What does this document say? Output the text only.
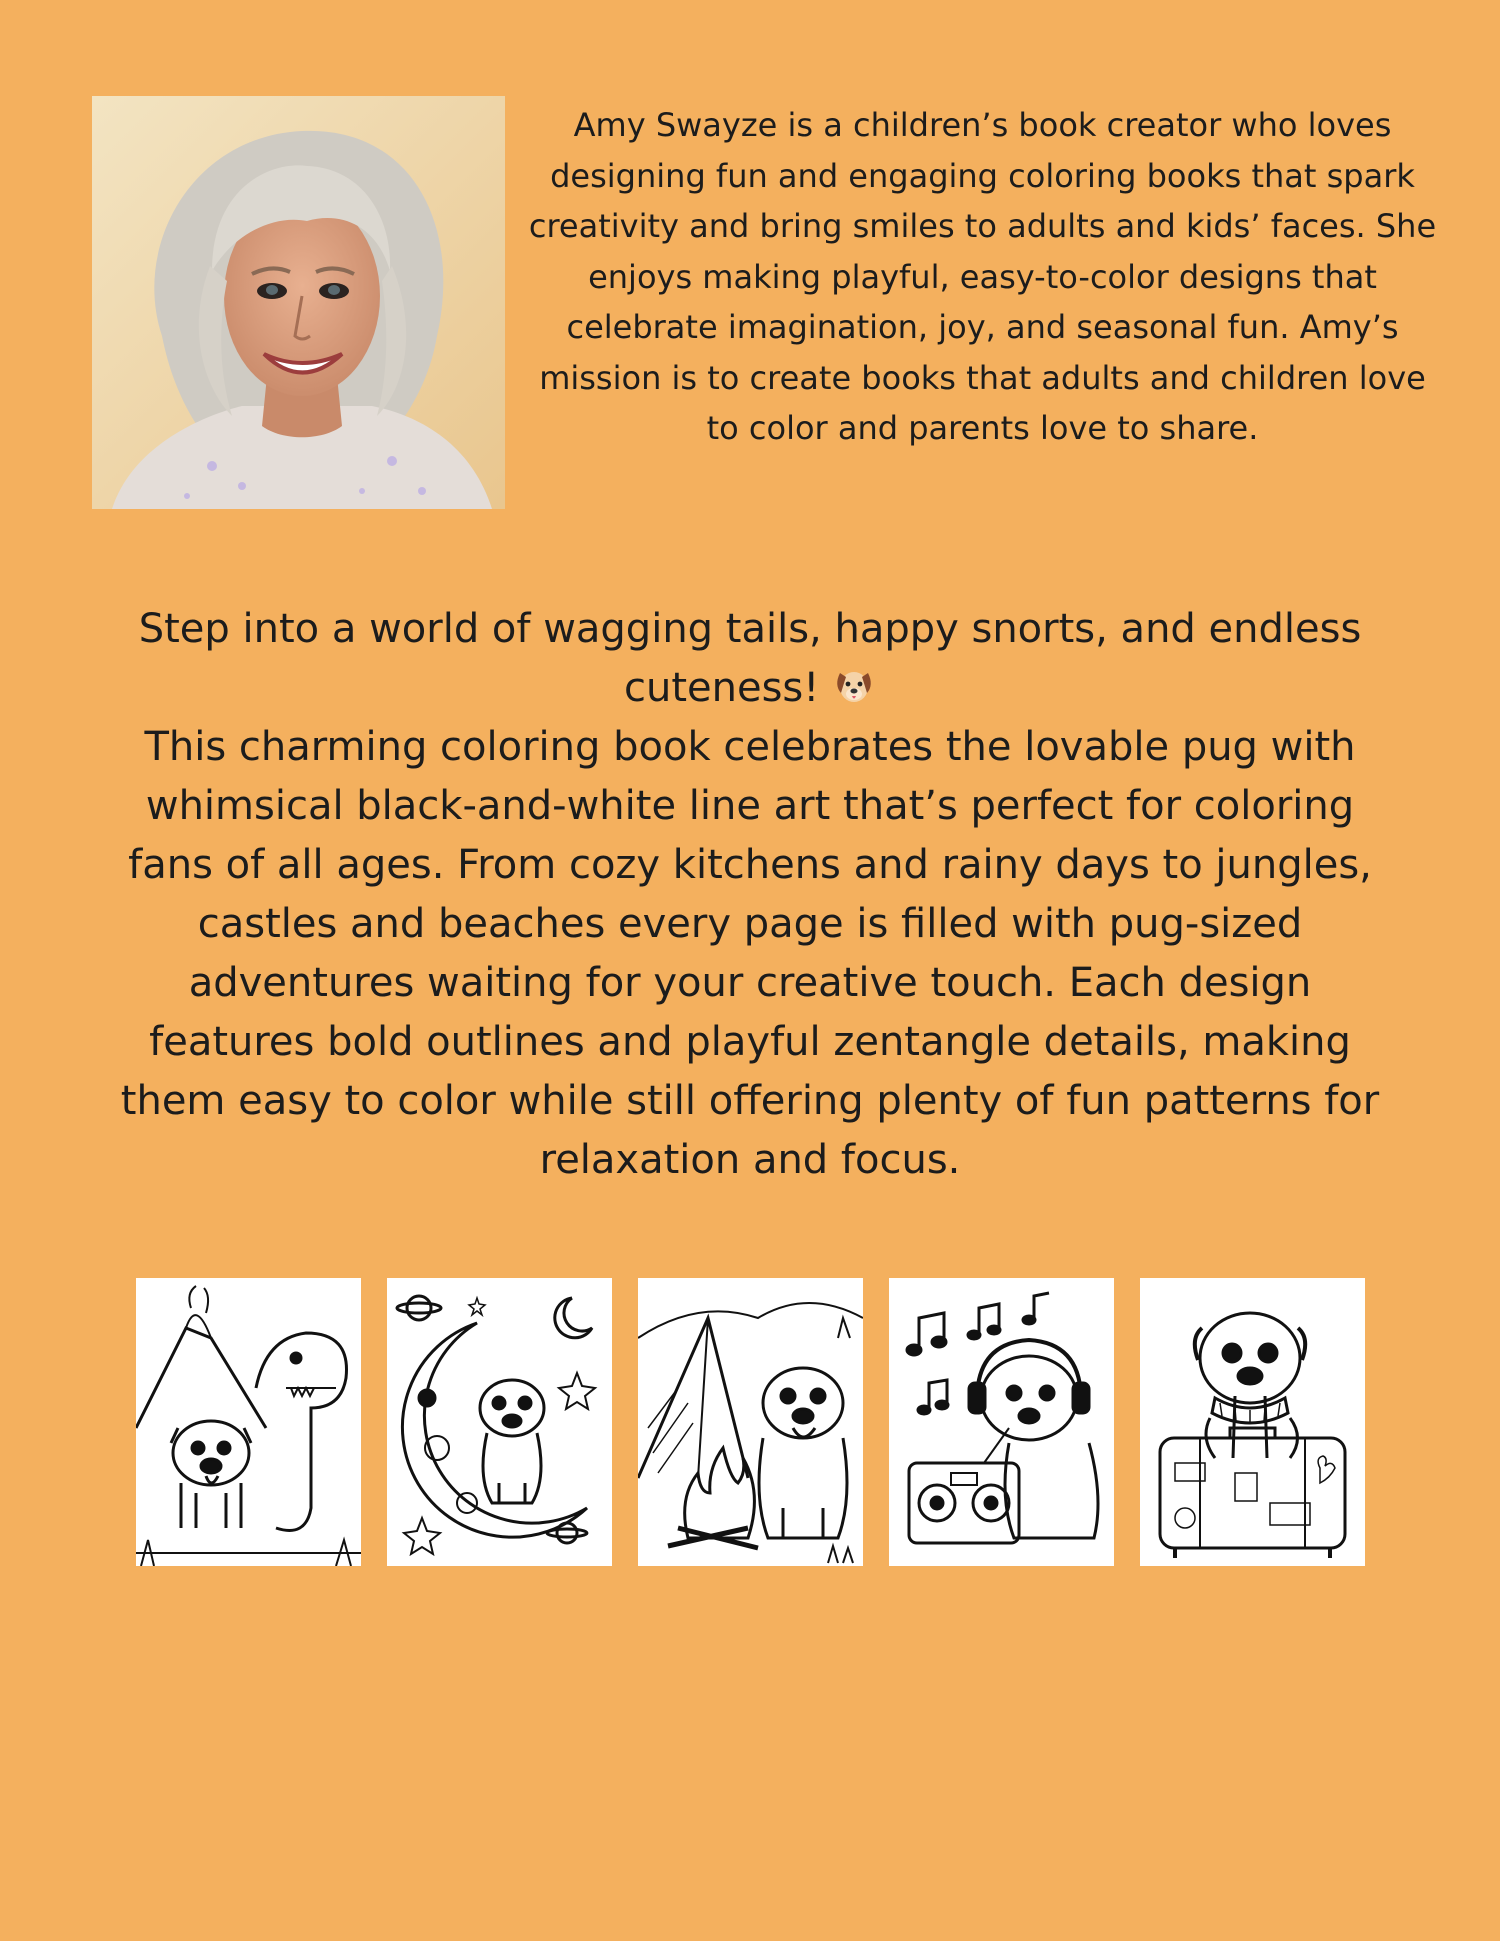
Amy Swayze is a children’s book creator who loves designing fun and engaging coloring books that spark creativity and bring smiles to adults and kids’ faces. She enjoys making playful, easy-to-color designs that celebrate imagination, joy, and seasonal fun. Amy’s mission is to create books that adults and children love to color and parents love to share.

Step into a world of wagging tails, happy snorts, and endless cuteness!

This charming coloring book celebrates the lovable pug with whimsical black-and-white line art that’s perfect for coloring fans of all ages. From cozy kitchens and rainy days to jungles, castles and beaches every page is filled with pug-sized adventures waiting for your creative touch. Each design features bold outlines and playful zentangle details, making them easy to color while still offering plenty of fun patterns for relaxation and focus.
